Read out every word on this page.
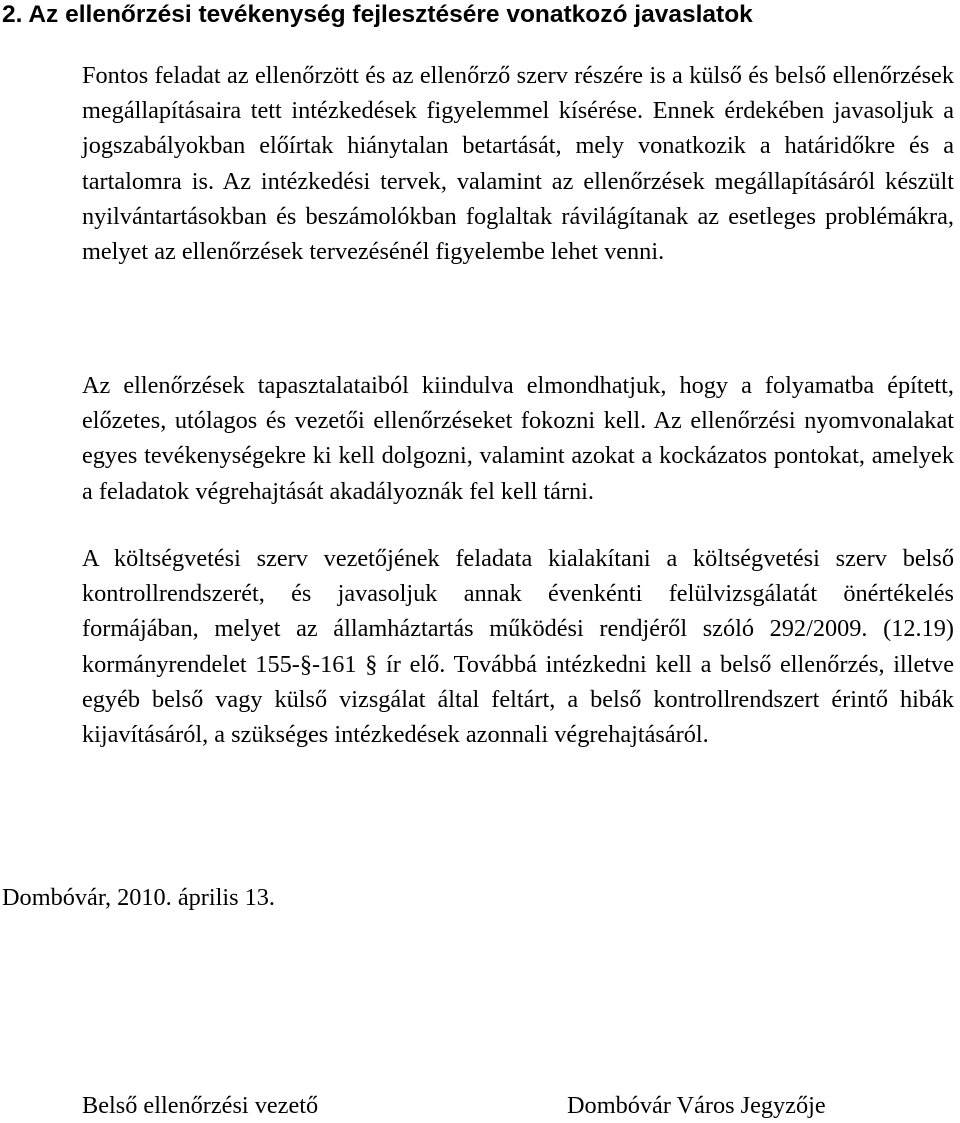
2. Az ellenőrzési tevékenység fejlesztésére vonatkozó javaslatok

Fontos feladat az ellenőrzött és az ellenőrző szerv részére is a külső és belső ellenőrzések megállapításaira tett intézkedések figyelemmel kísérése. Ennek érdekében javasoljuk a jogszabályokban előírtak hiánytalan betartását, mely vonatkozik a határidőkre és a tartalomra is. Az intézkedési tervek, valamint az ellenőrzések megállapításáról készült nyilvántartásokban és beszámolókban foglaltak rávilágítanak az esetleges problémákra, melyet az ellenőrzések tervezésénél figyelembe lehet venni.

Az ellenőrzések tapasztalataiból kiindulva elmondhatjuk, hogy a folyamatba épített, előzetes, utólagos és vezetői ellenőrzéseket fokozni kell. Az ellenőrzési nyomvonalakat egyes tevékenységekre ki kell dolgozni, valamint azokat a kockázatos pontokat, amelyek a feladatok végrehajtását akadályoznák fel kell tárni.

A költségvetési szerv vezetőjének feladata kialakítani a költségvetési szerv belső kontrollrendszerét, és javasoljuk annak évenkénti felülvizsgálatát önértékelés formájában, melyet az államháztartás működési rendjéről szóló 292/2009. (12.19) kormányrendelet 155-§-161 § ír elő. Továbbá intézkedni kell a belső ellenőrzés, illetve egyéb belső vagy külső vizsgálat által feltárt, a belső kontrollrendszert érintő hibák kijavításáról, a szükséges intézkedések azonnali végrehajtásáról.

Dombóvár, 2010. április 13.

Belső ellenőrzési vezető	Dombóvár Város Jegyzője
